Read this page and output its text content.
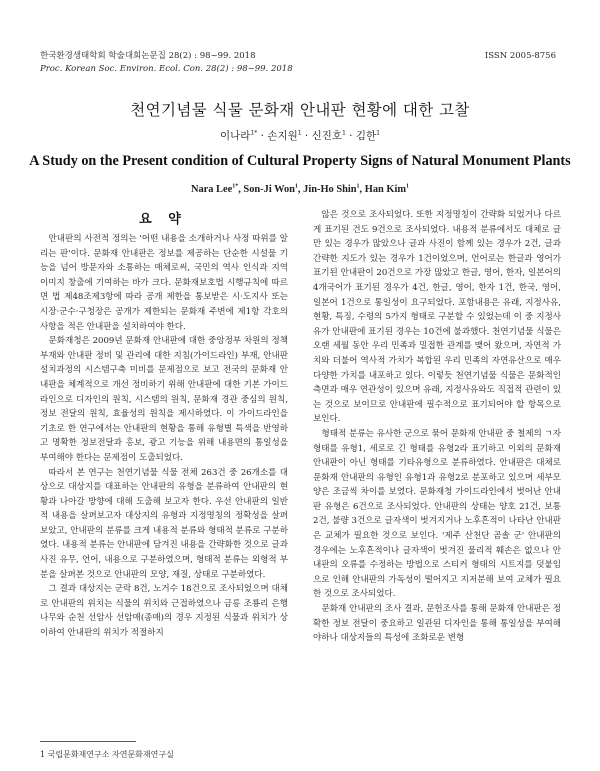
한국환경생태학회 학술대회논문집 28(2) : 98~99. 2018
Proc. Korean Soc. Environ. Ecol. Con. 28(2) : 98~99. 2018
ISSN 2005-8756
천연기념물 식물 문화재 안내판 현황에 대한 고찰
이나라$^{1*}$ · 손지원$^1$ · 신진호$^1$ · 김한$^1$
A Study on the Present condition of Cultural Property Signs of Natural Monument Plants
Nara Lee$^{1*}$, Son-Ji Won$^1$, Jin-Ho Shin$^1$, Han Kim$^1$
요 약

안내판의 사전적 정의는 '어떤 내용을 소개하거나 사정 따위를 알리는 판'이다. 문화재 안내판은 정보를 제공하는 단순한 시설물 기능을 넘어 방문자와 소통하는 매체로써, 국민의 역사 인식과 지역 이미지 창출에 기여하는 바가 크다. 문화재보호법 시행규칙에 따르면 법 제48조제3항에 따라 공개 제한을 통보받은 시·도지사 또는 시장·군수·구청장은 공개가 제한되는 문화재 주변에 제1항 각호의 사항을 적은 안내판을 설치하여야 한다.

문화재청은 2009년 문화재 안내판에 대한 중앙정부 차원의 정책부재와 안내판 정비 및 관리에 대한 지침(가이드라인) 부재, 안내판 설치과정의 시스템구축 미비를 문제점으로 보고 전국의 문화재 안내판을 체계적으로 개선 정비하기 위해 안내판에 대한 기본 가이드라인으로 디자인의 원칙, 시스템의 원칙, 문화재 경관 중심의 원칙, 정보 전달의 원칙, 효율성의 원칙을 제시하였다. 이 가이드라인을 기초로 한 연구에서는 안내판의 현황을 통해 유형별 특색을 반영하고 명확한 정보전달과 홍보, 광고 기능을 위해 내용면의 통일성을 부여해야 한다는 문제점이 도출되었다.

따라서 본 연구는 천연기념물 식물 전체 263건 중 26개소를 대상으로 대상지를 대표하는 안내판의 유형을 분류하여 안내판의 현황과 나아갈 방향에 대해 도출해 보고자 한다. 우선 안내판의 일반적 내용을 살펴보고자 대상지의 유형과 지정명칭의 정확성을 살펴보았고, 안내판의 분류를 크게 내용적 분류와 형태적 분류로 구분하였다. 내용적 분류는 안내판에 담겨진 내용을 간략화한 것으로 글과 사진 유무, 언어, 내용으로 구분하였으며, 형태적 분류는 외형적 부분을 살펴본 것으로 안내판의 모양, 재질, 상태로 구분하였다.

그 결과 대상지는 군락 8건, 노거수 18건으로 조사되었으며 대체로 안내판의 위치는 식물의 위치와 근접하였으나 금릉 조룡리 은행나무와 순천 선암사 선암매(종매)의 경우 지정된 식물과 위치가 상이하여 안내판의 위치가 적절하지

않은 것으로 조사되었다. 또한 지정명칭이 간략화 되었거나 다르게 표기된 건도 9건으로 조사되었다. 내용적 분류에서도 대체로 글만 있는 경우가 많았으나 글과 사진이 함께 있는 경우가 2건, 글과 간략한 지도가 있는 경우가 1건이었으며, 언어로는 한글과 영어가 표기된 안내판이 20건으로 가장 많았고 한글, 영어, 한자, 일본어의 4개국어가 표기된 경우가 4건, 한글, 영어, 한자 1건, 한국, 영어, 일본어 1건으로 통일성이 요구되었다. 포함내용은 유래, 지정사유, 현황, 특징, 수령의 5가지 형태로 구분할 수 있었는데 이 중 지정사유가 안내판에 표기된 경우는 10건에 불과했다. 천연기념물 식물은 오랜 세월 동안 우리 민족과 밀접한 관계를 맺어 왔으며, 자연적 가치와 더불어 역사적 가치가 복합된 우리 민족의 자연유산으로 매우 다양한 가치를 내포하고 있다. 이렇듯 천연기념물 식물은 문화적인 측면과 매우 연관성이 있으며 유래, 지정사유와도 직접적 관련이 있는 것으로 보이므로 안내판에 필수적으로 표기되어야 할 항목으로 보인다.

형태적 분류는 유사한 군으로 묶어 문화재 안내판 중 철제의 ㄱ자 형태를 유형1, 세로로 긴 형태를 유형2라 표기하고 이외의 문화재안내판이 아닌 형태를 기타유형으로 분류하였다. 안내판은 대체로 문화재 안내판의 유형인 유형1과 유형2로 분포하고 있으며 세부모양은 조금씩 차이를 보였다. 문화재청 가이드라인에서 벗어난 안내판 유형은 6건으로 조사되었다. 안내판의 상태는 양호 21건, 보통 2건, 불량 3건으로 글자색이 벗겨지거나 노후흔적이 나타난 안내판은 교체가 필요한 것으로 보인다. '제주 산천단 곰솔 군' 안내판의 경우에는 노후흔적이나 글자색이 벗겨진 물리적 훼손은 없으나 안내판의 오류를 수정하는 방법으로 스티커 형태의 시트지를 덧붙임으로 인해 안내판의 가독성이 떨어지고 지저분해 보여 교체가 필요한 것으로 조사되었다.

문화재 안내판의 조사 결과, 문헌조사를 통해 문화재 안내판은 정확한 정보 전달이 중요하고 일관된 디자인을 통해 통일성을 부여해야하나 대상지들의 특성에 조화로운 변형

1 국립문화재연구소 자연문화재연구실
